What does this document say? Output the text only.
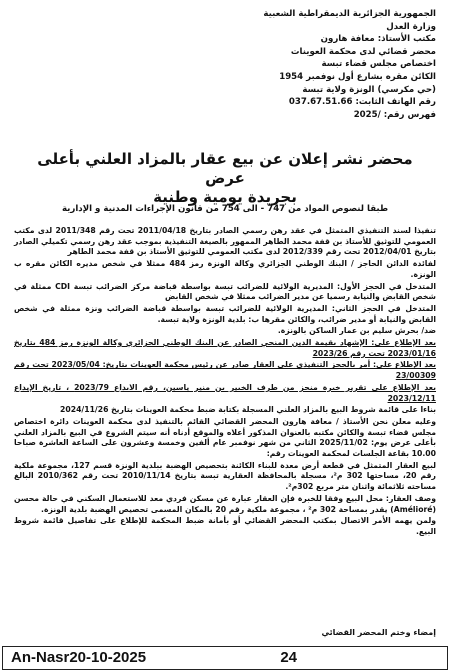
الجمهورية الجزائرية الديمقراطية الشعبية
وزارة العدل
مكتب الأستاذ: معافة هارون
محضر قضائي لدى محكمة العوينات
اختصاص مجلس قضاء تبسة
الكائن مقره بشارع أول نوفمبر 1954
(حي مكرسي) الونزة ولاية تبسة
رقم الهاتف الثابت: 037.67.51.66
فهرس رقم: /2025
محضر نشر إعلان عن بيع عقار بالمزاد العلني بأعلى عرض
بجريدة يومية وطنية
طبقا لنصوص المواد من 747 - الى 754 من قانون الإجراءات المدنية و الإدارية

تنفيذا لسند التنفيذي المتمثل في عقد رهن رسمي الصادر بتاريخ 2011/04/18 تحت رقم 2011/348 لدى مكتب العمومي للتوثيق للأستاذ بن قفة محمد الطاهر الممهور بالصيغة التنفيذية بموجب عقد رهن رسمي تكميلي الصادر بتاريخ 2012/04/01 تحت رقم 2012/339 لدى مكتب العمومي للتوثيق الأستاذ بن قفة محمد الطاهر

لفائدة الدائن الحاجز / البنك الوطني الجزائري وكالة الونزة رمز 484 ممثلا في شخص مديره الكائن مقره ب الونزة.

المتدخل في الحجز الأول: المديرية الولائية للضرائب تبسة بواسطة قباضة مركز الضرائب تبسة CDI ممثلة في شخص القابض والنيابة رسميا عن مدير الضرائب ممثلا في شخص القابض

المتدخل في الحجز الثاني: المديرية الولائية للضرائب تبسة بواسطة قباضة الضرائب ونزة ممثلة في شخص القابض والنيابة أو مدير ضرائب، والكائن مقرها ب: بلدية الونزة ولاية تبسة.

ضد/ بحرش سليم بن عمار الساكن بالونزة.

بعد الإطلاع على: الإشهاد بقيمة الدين المنجي الصادر عن البنك الوطني الجزائري وكالة الونزة رمز 484 بتاريخ 2023/01/16 تحت رقم 2023/26

بعد الإطلاع على: أمر بالحجز التنفيذي على العقار صادر عن رئيس محكمة العوينات بتاريخ: 2023/05/04 تحت رقم 23/00309

بعد الإطلاع على تقرير خبرة منجز من طرف الخبير بن منير ياسين، رقم الابداع 2023/79 ، تاريخ الإيداع 2023/12/11

بناءا على قائمة شروط البيع بالمزاد العلني المسجلة بكتابة ضبط محكمة العوينات بتاريخ 2024/11/26

وعليه معلن نحن الأستاذ / معافة هارون المحضر القضائي القائم بالتنفيذ لدى محكمة العوينات دائرة اختصاص مجلس قضاء تبسة والكائن مكتبه بالعنوان المذكور أعلاه والموقع أدناه أنه سيتم الشروع في البيع بالمزاد العلني بأعلى عرض يوم: 2025/11/02 الثاني من شهر نوفمبر عام ألفين وخمسة وعشرون على الساعة العاشرة صباحا 10.00 بقاعة الجلسات لمحكمة العوينات رقم:

لبيع العقار المتمثل في قطعة أرض معدة للبناء الكائنة بتحصيص الهضبة ببلدية الونزة قسم 127، مجموعة ملكية رقم 20، مساحتها 302 م²، مسجلة بالمحافظة العقارية تبسة بتاريخ 2010/11/14 تحت رقم 2010/362 البالغ مساحته ثلاثمائة واثنان متر مربع 302م².

وصف العقار: محل البيع وفقا للخبرة فإن العقار عبارة عن مسكن فردي معد للاستعمال السكني في حالة محسن (Amélioré) يقدر بمساحة 302 م² ، مجموعة ملكية رقم 20 بالمكان المسمى تحصيص الهضبة بلدية الونزة.

ولمن يهمه الأمر الاتصال بمكتب المحضر القضائي أو بأمانة ضبط المحكمة للإطلاع على تفاصيل قائمة شروط البيع.

إمضاء وختم المحضر القضائي
An-Nasr20-10-2025	24
